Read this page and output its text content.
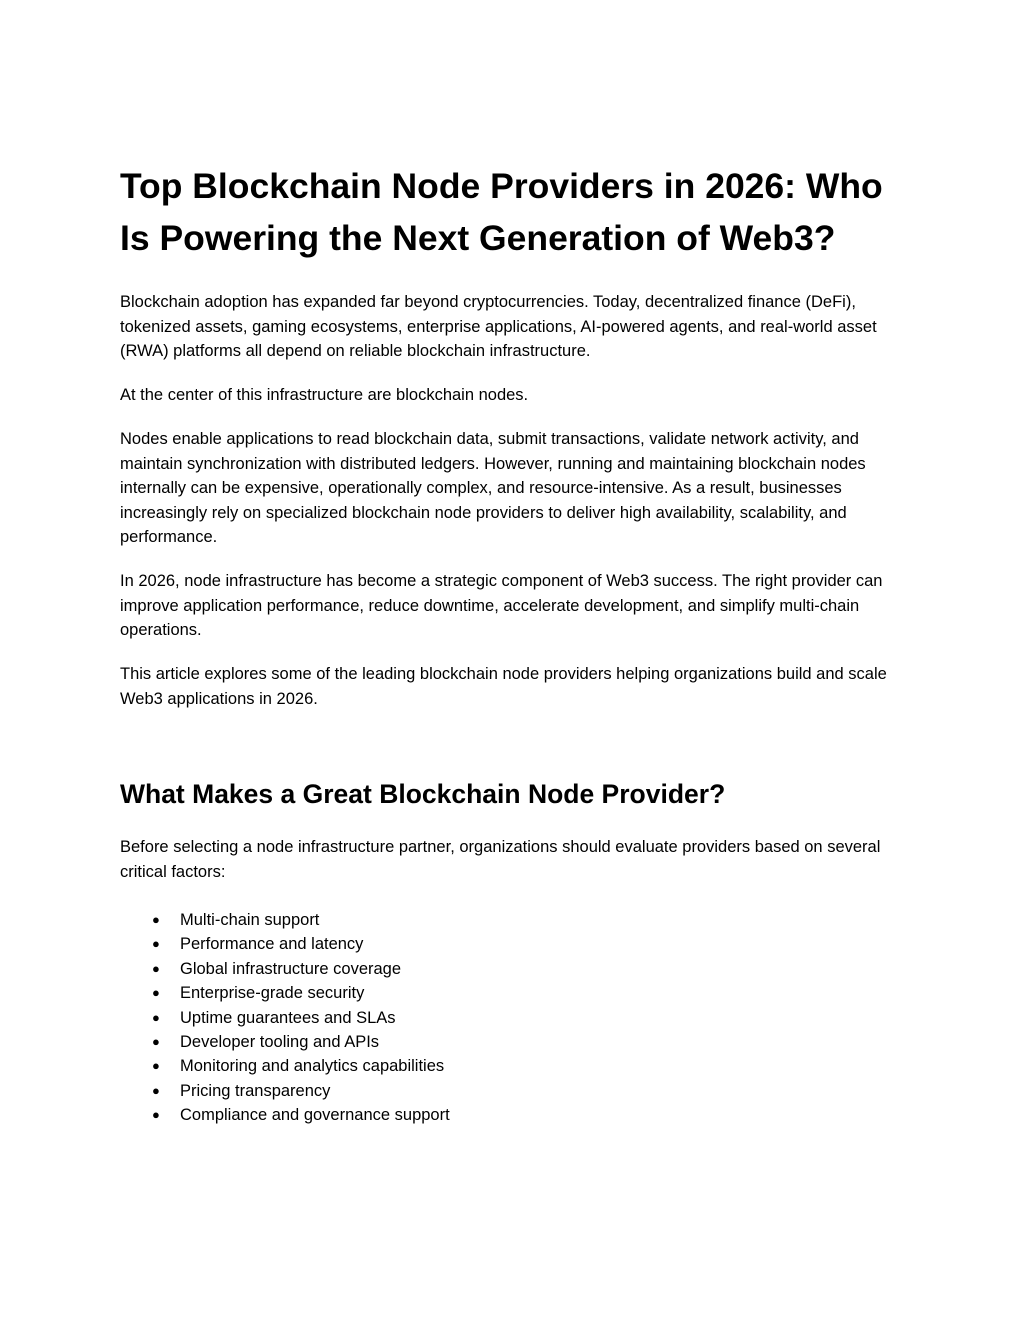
Top Blockchain Node Providers in 2026: Who Is Powering the Next Generation of Web3?

Blockchain adoption has expanded far beyond cryptocurrencies. Today, decentralized finance (DeFi), tokenized assets, gaming ecosystems, enterprise applications, AI-powered agents, and real-world asset (RWA) platforms all depend on reliable blockchain infrastructure.

At the center of this infrastructure are blockchain nodes.

Nodes enable applications to read blockchain data, submit transactions, validate network activity, and maintain synchronization with distributed ledgers. However, running and maintaining blockchain nodes internally can be expensive, operationally complex, and resource-intensive. As a result, businesses increasingly rely on specialized blockchain node providers to deliver high availability, scalability, and performance.

In 2026, node infrastructure has become a strategic component of Web3 success. The right provider can improve application performance, reduce downtime, accelerate development, and simplify multi-chain operations.

This article explores some of the leading blockchain node providers helping organizations build and scale Web3 applications in 2026.

What Makes a Great Blockchain Node Provider?

Before selecting a node infrastructure partner, organizations should evaluate providers based on several critical factors:

● Multi-chain support
● Performance and latency
● Global infrastructure coverage
● Enterprise-grade security
● Uptime guarantees and SLAs
● Developer tooling and APIs
● Monitoring and analytics capabilities
● Pricing transparency
● Compliance and governance support
